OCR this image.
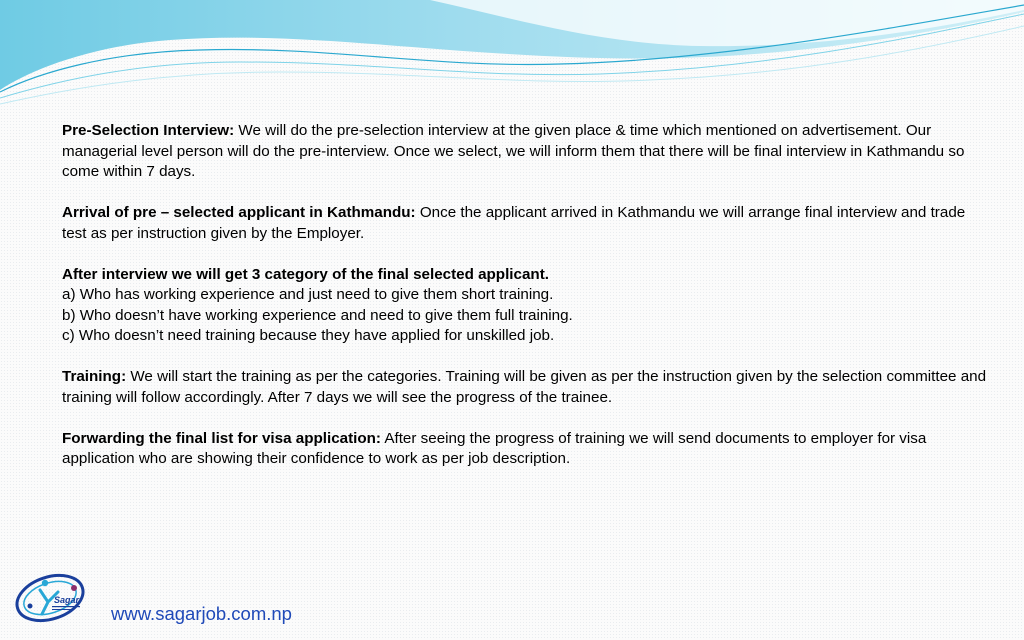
Pre-Selection Interview: We will do the pre-selection interview at the given place & time which mentioned on advertisement. Our managerial level person will do the pre-interview. Once we select, we will inform them that there will be final interview in Kathmandu so come within 7 days.

Arrival of pre – selected applicant in Kathmandu: Once the applicant arrived in Kathmandu we will arrange final interview and trade test as per instruction given by the Employer.

After interview we will get 3 category of the final selected applicant.

a) Who has working experience and just need to give them short training.

b) Who doesn’t have working experience and need to give them full training.

c) Who doesn’t need training because they have applied for unskilled job.

Training: We will start the training as per the categories. Training will be given as per the instruction given by the selection committee and training will follow accordingly. After 7 days we will see the progress of the trainee.

Forwarding the final list for visa application: After seeing the progress of training we will send documents to employer for visa application who are showing their confidence to work as per job description.

Sagar
www.sagarjob.com.np
